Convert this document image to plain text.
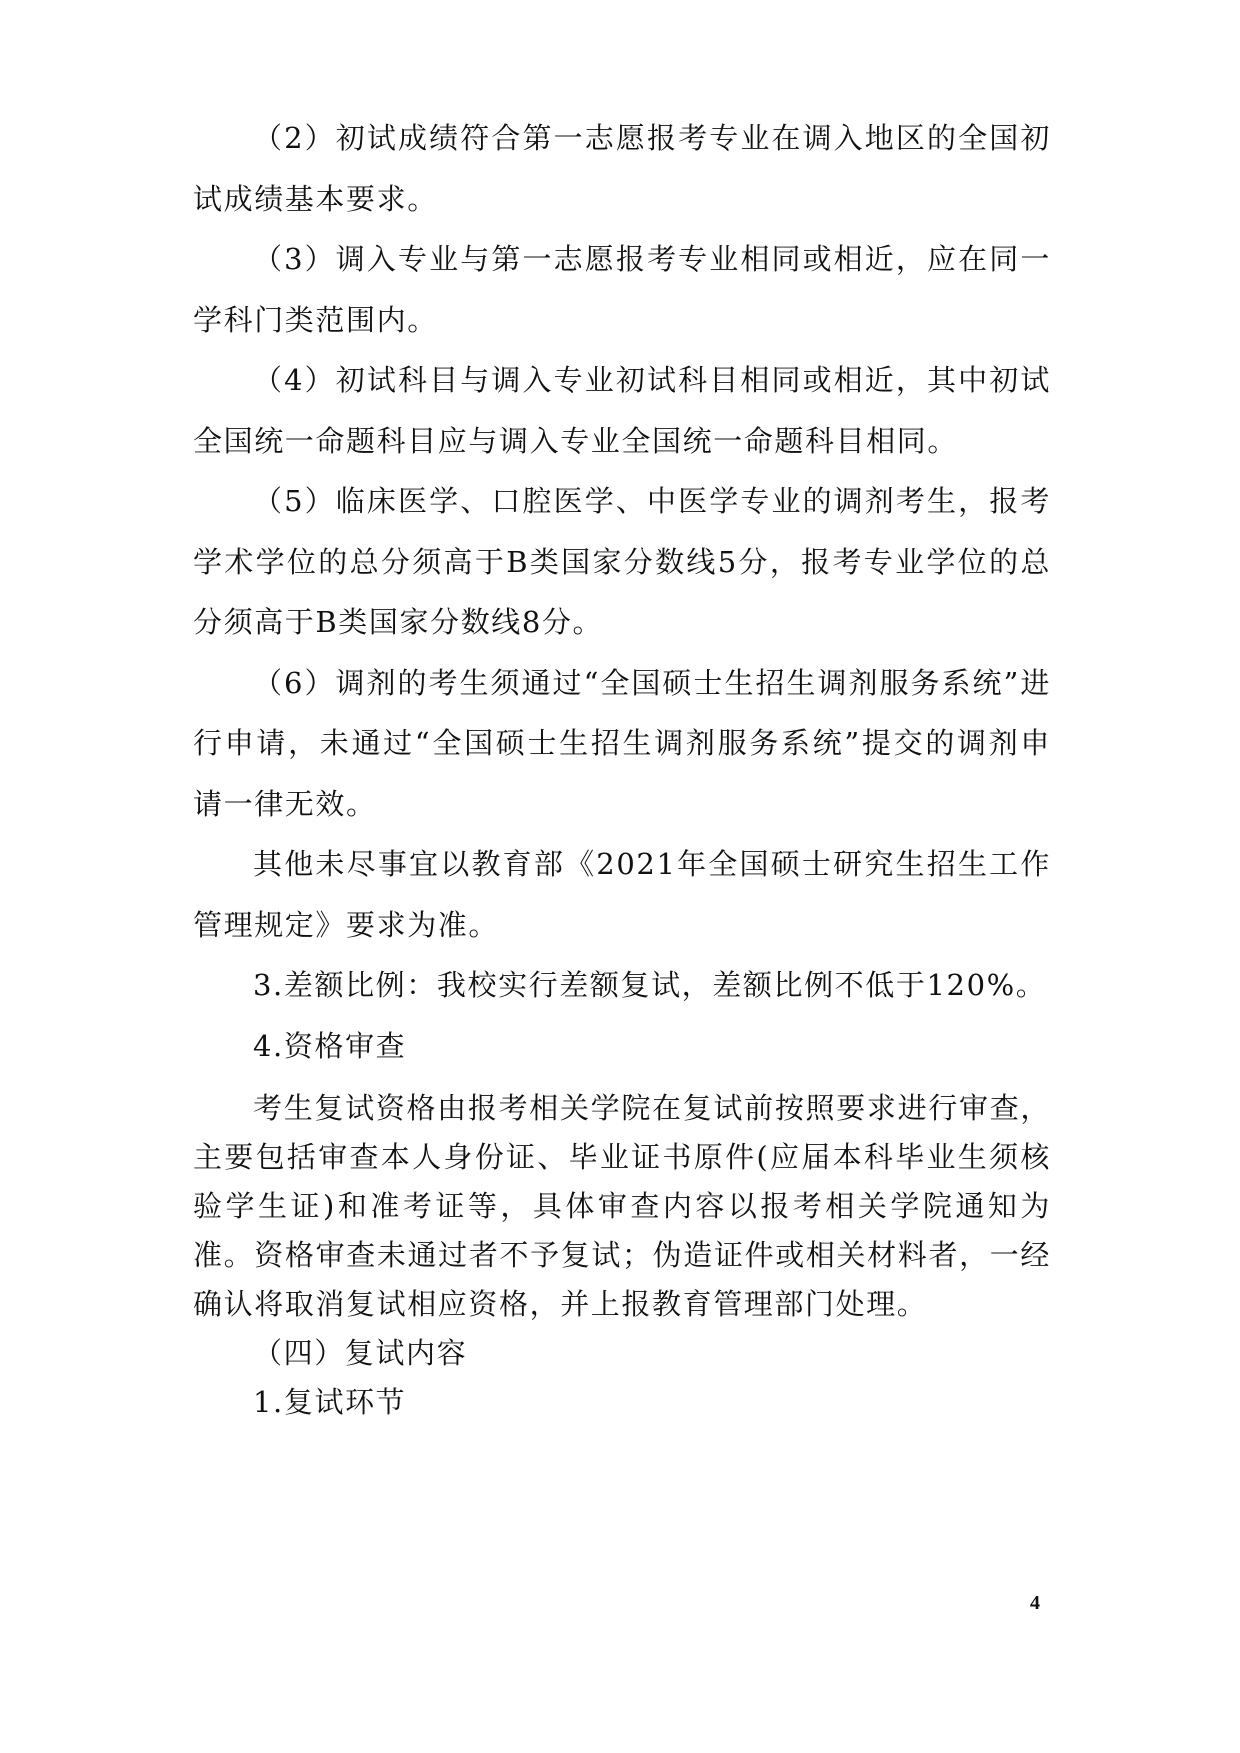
（2）初试成绩符合第一志愿报考专业在调入地区的全国初试成绩基本要求。

（3）调入专业与第一志愿报考专业相同或相近，应在同一学科门类范围内。

（4）初试科目与调入专业初试科目相同或相近，其中初试全国统一命题科目应与调入专业全国统一命题科目相同。

（5）临床医学、口腔医学、中医学专业的调剂考生，报考学术学位的总分须高于B类国家分数线5分，报考专业学位的总分须高于B类国家分数线8分。

（6）调剂的考生须通过“全国硕士生招生调剂服务系统”进行申请，未通过“全国硕士生招生调剂服务系统”提交的调剂申请一律无效。

其他未尽事宜以教育部《2021年全国硕士研究生招生工作管理规定》要求为准。

3.差额比例：我校实行差额复试，差额比例不低于120%。

4.资格审查

考生复试资格由报考相关学院在复试前按照要求进行审查，主要包括审查本人身份证、毕业证书原件(应届本科毕业生须核验学生证)和准考证等，具体审查内容以报考相关学院通知为准。资格审查未通过者不予复试；伪造证件或相关材料者，一经确认将取消复试相应资格，并上报教育管理部门处理。

（四）复试内容

1.复试环节

4
